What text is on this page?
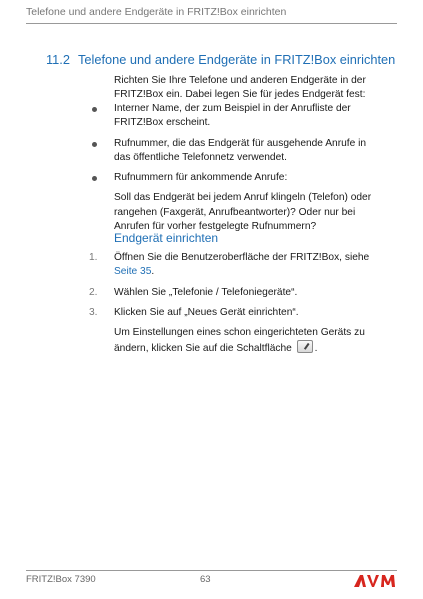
Telefone und andere Endgeräte in FRITZ!Box einrichten
11.2 Telefone und andere Endgeräte in FRITZ!Box einrichten

Richten Sie Ihre Telefone und anderen Endgeräte in der FRITZ!Box ein. Dabei legen Sie für jedes Endgerät fest:

Interner Name, der zum Beispiel in der Anrufliste der FRITZ!Box erscheint.

Rufnummer, die das Endgerät für ausgehende Anrufe in das öffentliche Telefonnetz verwendet.

Rufnummern für ankommende Anrufe:

Soll das Endgerät bei jedem Anruf klingeln (Telefon) oder rangehen (Faxgerät, Anrufbeantworter)? Oder nur bei Anrufen für vorher festgelegte Rufnummern?

Endgerät einrichten
1. Öffnen Sie die Benutzeroberfläche der FRITZ!Box, siehe Seite 35.

2. Wählen Sie „Telefonie / Telefoniegeräte“.

3. Klicken Sie auf „Neues Gerät einrichten“.

Um Einstellungen eines schon eingerichteten Geräts zu ändern, klicken Sie auf die Schaltfläche .

FRITZ!Box 7390	63
